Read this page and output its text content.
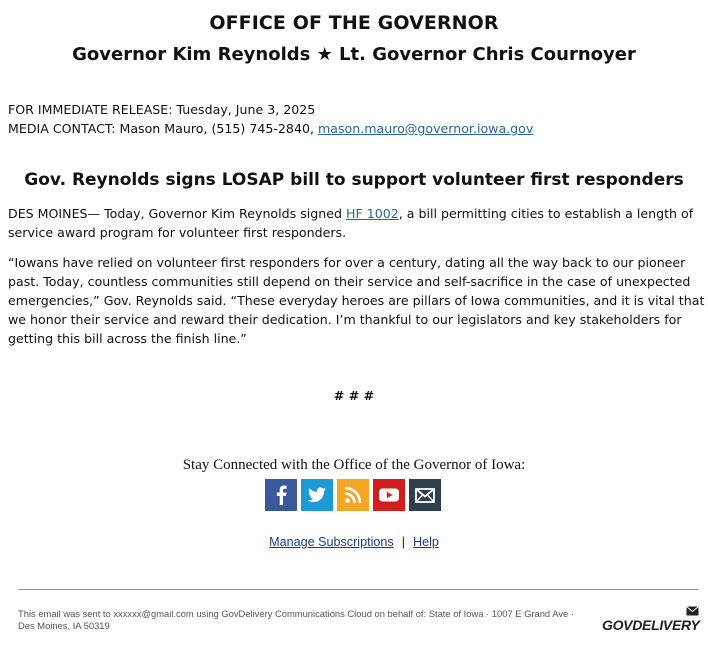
OFFICE OF THE GOVERNOR
Governor Kim Reynolds ★ Lt. Governor Chris Cournoyer
FOR IMMEDIATE RELEASE: Tuesday, June 3, 2025
MEDIA CONTACT: Mason Mauro, (515) 745-2840, mason.mauro@governor.iowa.gov
Gov. Reynolds signs LOSAP bill to support volunteer first responders

DES MOINES— Today, Governor Kim Reynolds signed HF 1002, a bill permitting cities to establish a length of service award program for volunteer first responders.

“Iowans have relied on volunteer first responders for over a century, dating all the way back to our pioneer past. Today, countless communities still depend on their service and self-sacrifice in the case of unexpected emergencies,” Gov. Reynolds said. “These everyday heroes are pillars of Iowa communities, and it is vital that we honor their service and reward their dedication. I’m thankful to our legislators and key stakeholders for getting this bill across the finish line.”

# # #
Stay Connected with the Office of the Governor of Iowa:
Manage Subscriptions | Help
This email was sent to xxxxxx@gmail.com using GovDelivery Communications Cloud on behalf of: State of Iowa · 1007 E Grand Ave · Des Moines, IA 50319	GOVDELIVERY
